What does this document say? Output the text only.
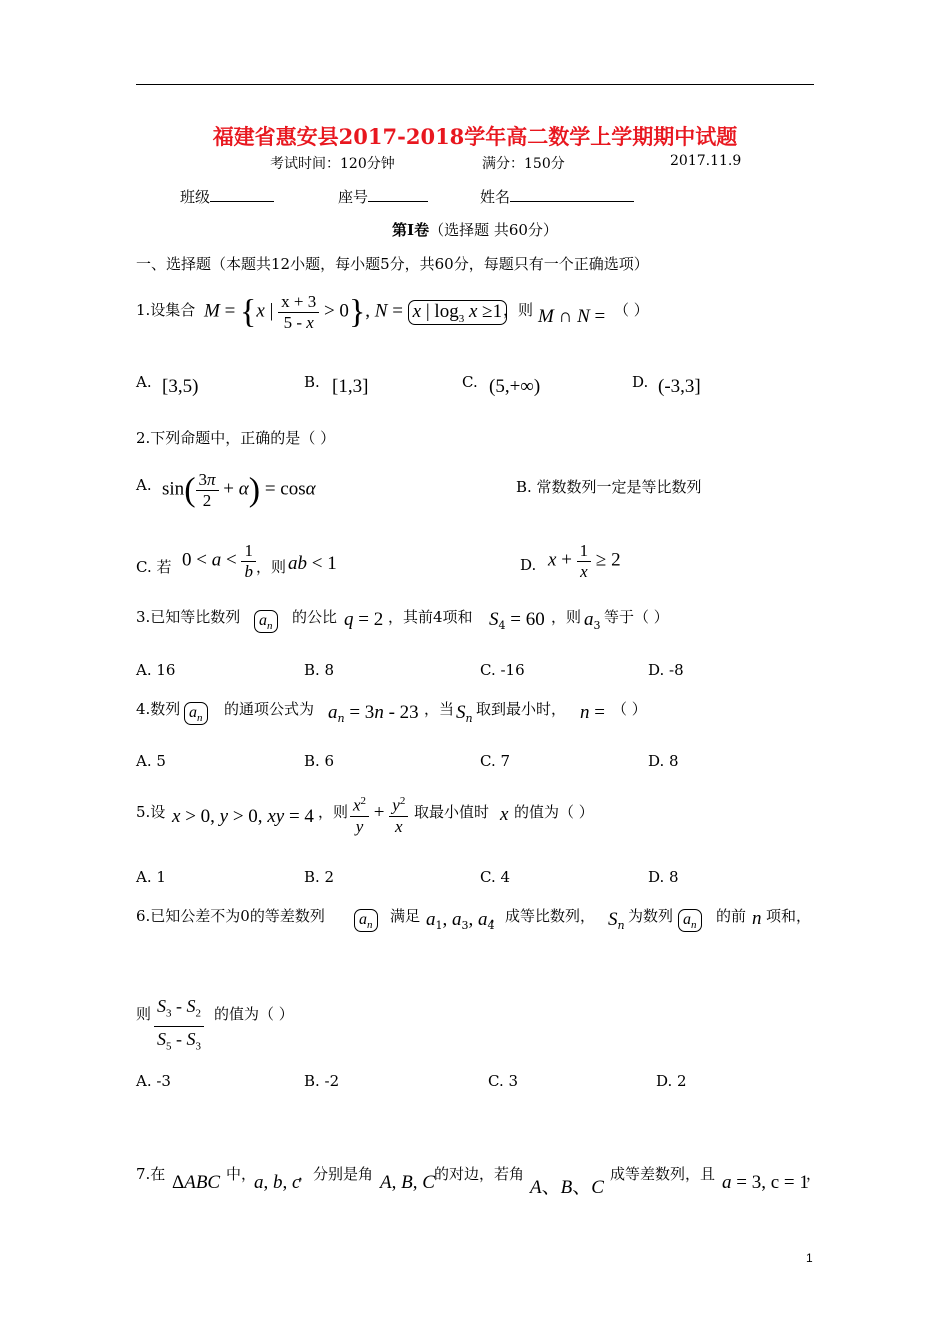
福建省惠安县2017-2018学年高二数学上学期期中试题
考试时间：120分钟	满分：150分	2017.11.9
班级	座号	姓名
第Ⅰ卷（选择题 共60分）
一、选择题（本题共12小题，每小题5分，共60分，每题只有一个正确选项）
1.设集合 M = {x | $\frac{x + 3}{5 - x} > 0$}, N = x | $\log_3 x \ge 1$ ，则 M ∩ N = （ ）
A. [3,5)	B. [1,3]	C. (5,+∞)	D. (-3,3]
2.下列命题中，正确的是（ ）
A. $\sin( \frac{3\pi}{2} + \alpha) = \cos\alpha$	B. 常数数列一定是等比数列
C. 若 $0 < a < \frac{1}{b}$ ，则 ab < 1	D. $x + \frac{1}{x} \ge 2$
3.已知等比数列	$a_n$
的公比 q = 2 ，其前4项和 $S_4 = 60$ ，则 $a_3$ 等于（ ）
A. 16	B. 8	C. -16	D. -8
4.数列 $a_n$
的通项公式为 $a_n = 3n - 23$ ，当 $S_n$
取到最小时， n = （ ）
A. 5	B. 6	C. 7	D. 8
5.设 x > 0, y > 0, xy = 4 ，则 $\frac{x^2}{y} + \frac{y^2}{x}$ 取最小值时 x 的值为（ ）
A. 1	B. 2	C. 4	D. 8
6.已知公差不为0的等差数列	$a_n$
满足 $a_1$, $a_3$, $a_4$
，成等比数列， $S_n$
为数列 $a_n$
的前 n 项和，
则 $\frac{S_3 - S_2}{S_5 - S_3}$ 的值为（ ）
A. -3	B. -2	C. 3	D. 2
7.在 ΔABC 中，
a, b, c
，分别是角 A, B, C 的对边，若角
A、B、C
成等差数列，且 a = 3, c = 1
，
1
